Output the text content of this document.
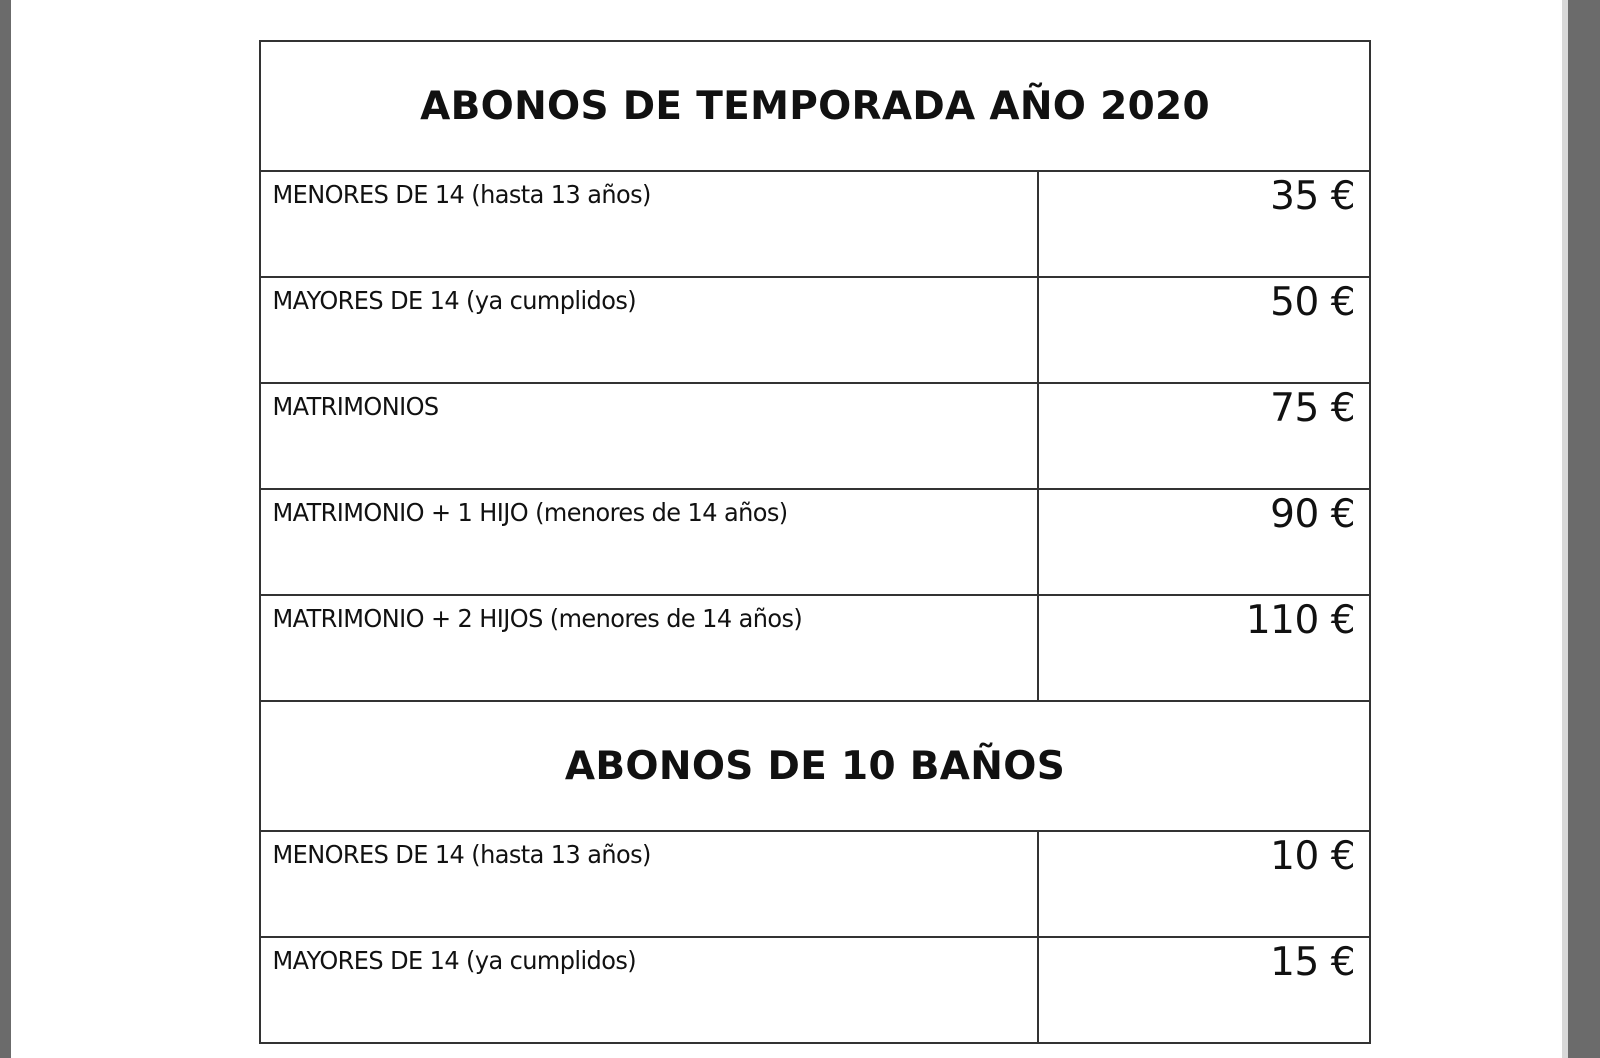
ABONOS DE TEMPORADA AÑO 2020	
MENORES DE 14 (hasta 13 años)	35 €
MAYORES DE 14 (ya cumplidos)	50 €
MATRIMONIOS	75 €
MATRIMONIO + 1 HIJO (menores de 14 años)	90 €
MATRIMONIO + 2 HIJOS (menores de 14 años)	110 €
ABONOS DE 10 BAÑOS	
MENORES DE 14 (hasta 13 años)	10 €
MAYORES DE 14 (ya cumplidos)	15 €
